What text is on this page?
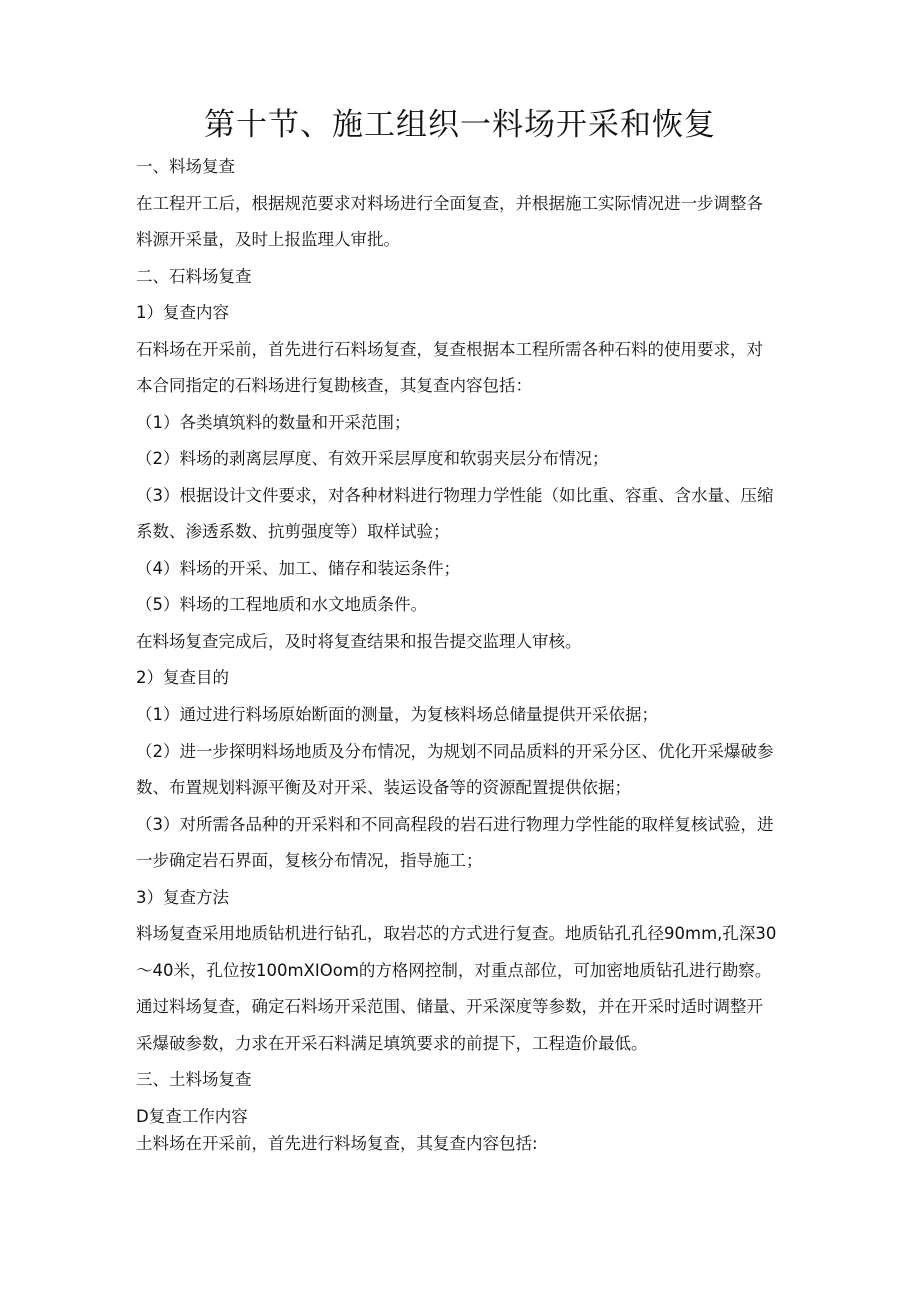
第十节、施工组织一料场开采和恢复

一、料场复查

在工程开工后，根据规范要求对料场进行全面复查，并根据施工实际情况进一步调整各

料源开采量，及时上报监理人审批。

二、石料场复查

1）复查内容

石料场在开采前，首先进行石料场复查，复查根据本工程所需各种石料的使用要求，对

本合同指定的石料场进行复勘核查，其复查内容包括：

（1）各类填筑料的数量和开采范围；

（2）料场的剥离层厚度、有效开采层厚度和软弱夹层分布情况；

（3）根据设计文件要求，对各种材料进行物理力学性能（如比重、容重、含水量、压缩

系数、渗透系数、抗剪强度等）取样试验；

（4）料场的开采、加工、储存和装运条件；

（5）料场的工程地质和水文地质条件。

在料场复查完成后，及时将复查结果和报告提交监理人审核。

2）复查目的

（1）通过进行料场原始断面的测量，为复核料场总储量提供开采依据；

（2）进一步探明料场地质及分布情况，为规划不同品质料的开采分区、优化开采爆破参

数、布置规划料源平衡及对开采、装运设备等的资源配置提供依据；

（3）对所需各品种的开采料和不同高程段的岩石进行物理力学性能的取样复核试验，进

一步确定岩石界面，复核分布情况，指导施工；

3）复查方法

料场复查采用地质钻机进行钻孔，取岩芯的方式进行复查。地质钻孔孔径90mm,孔深30

～40米，孔位按100mXIOom的方格网控制，对重点部位，可加密地质钻孔进行勘察。

通过料场复查，确定石料场开采范围、储量、开采深度等参数，并在开采时适时调整开

采爆破参数，力求在开采石料满足填筑要求的前提下，工程造价最低。

三、土料场复查

D复查工作内容

土料场在开采前，首先进行料场复查，其复查内容包括:
